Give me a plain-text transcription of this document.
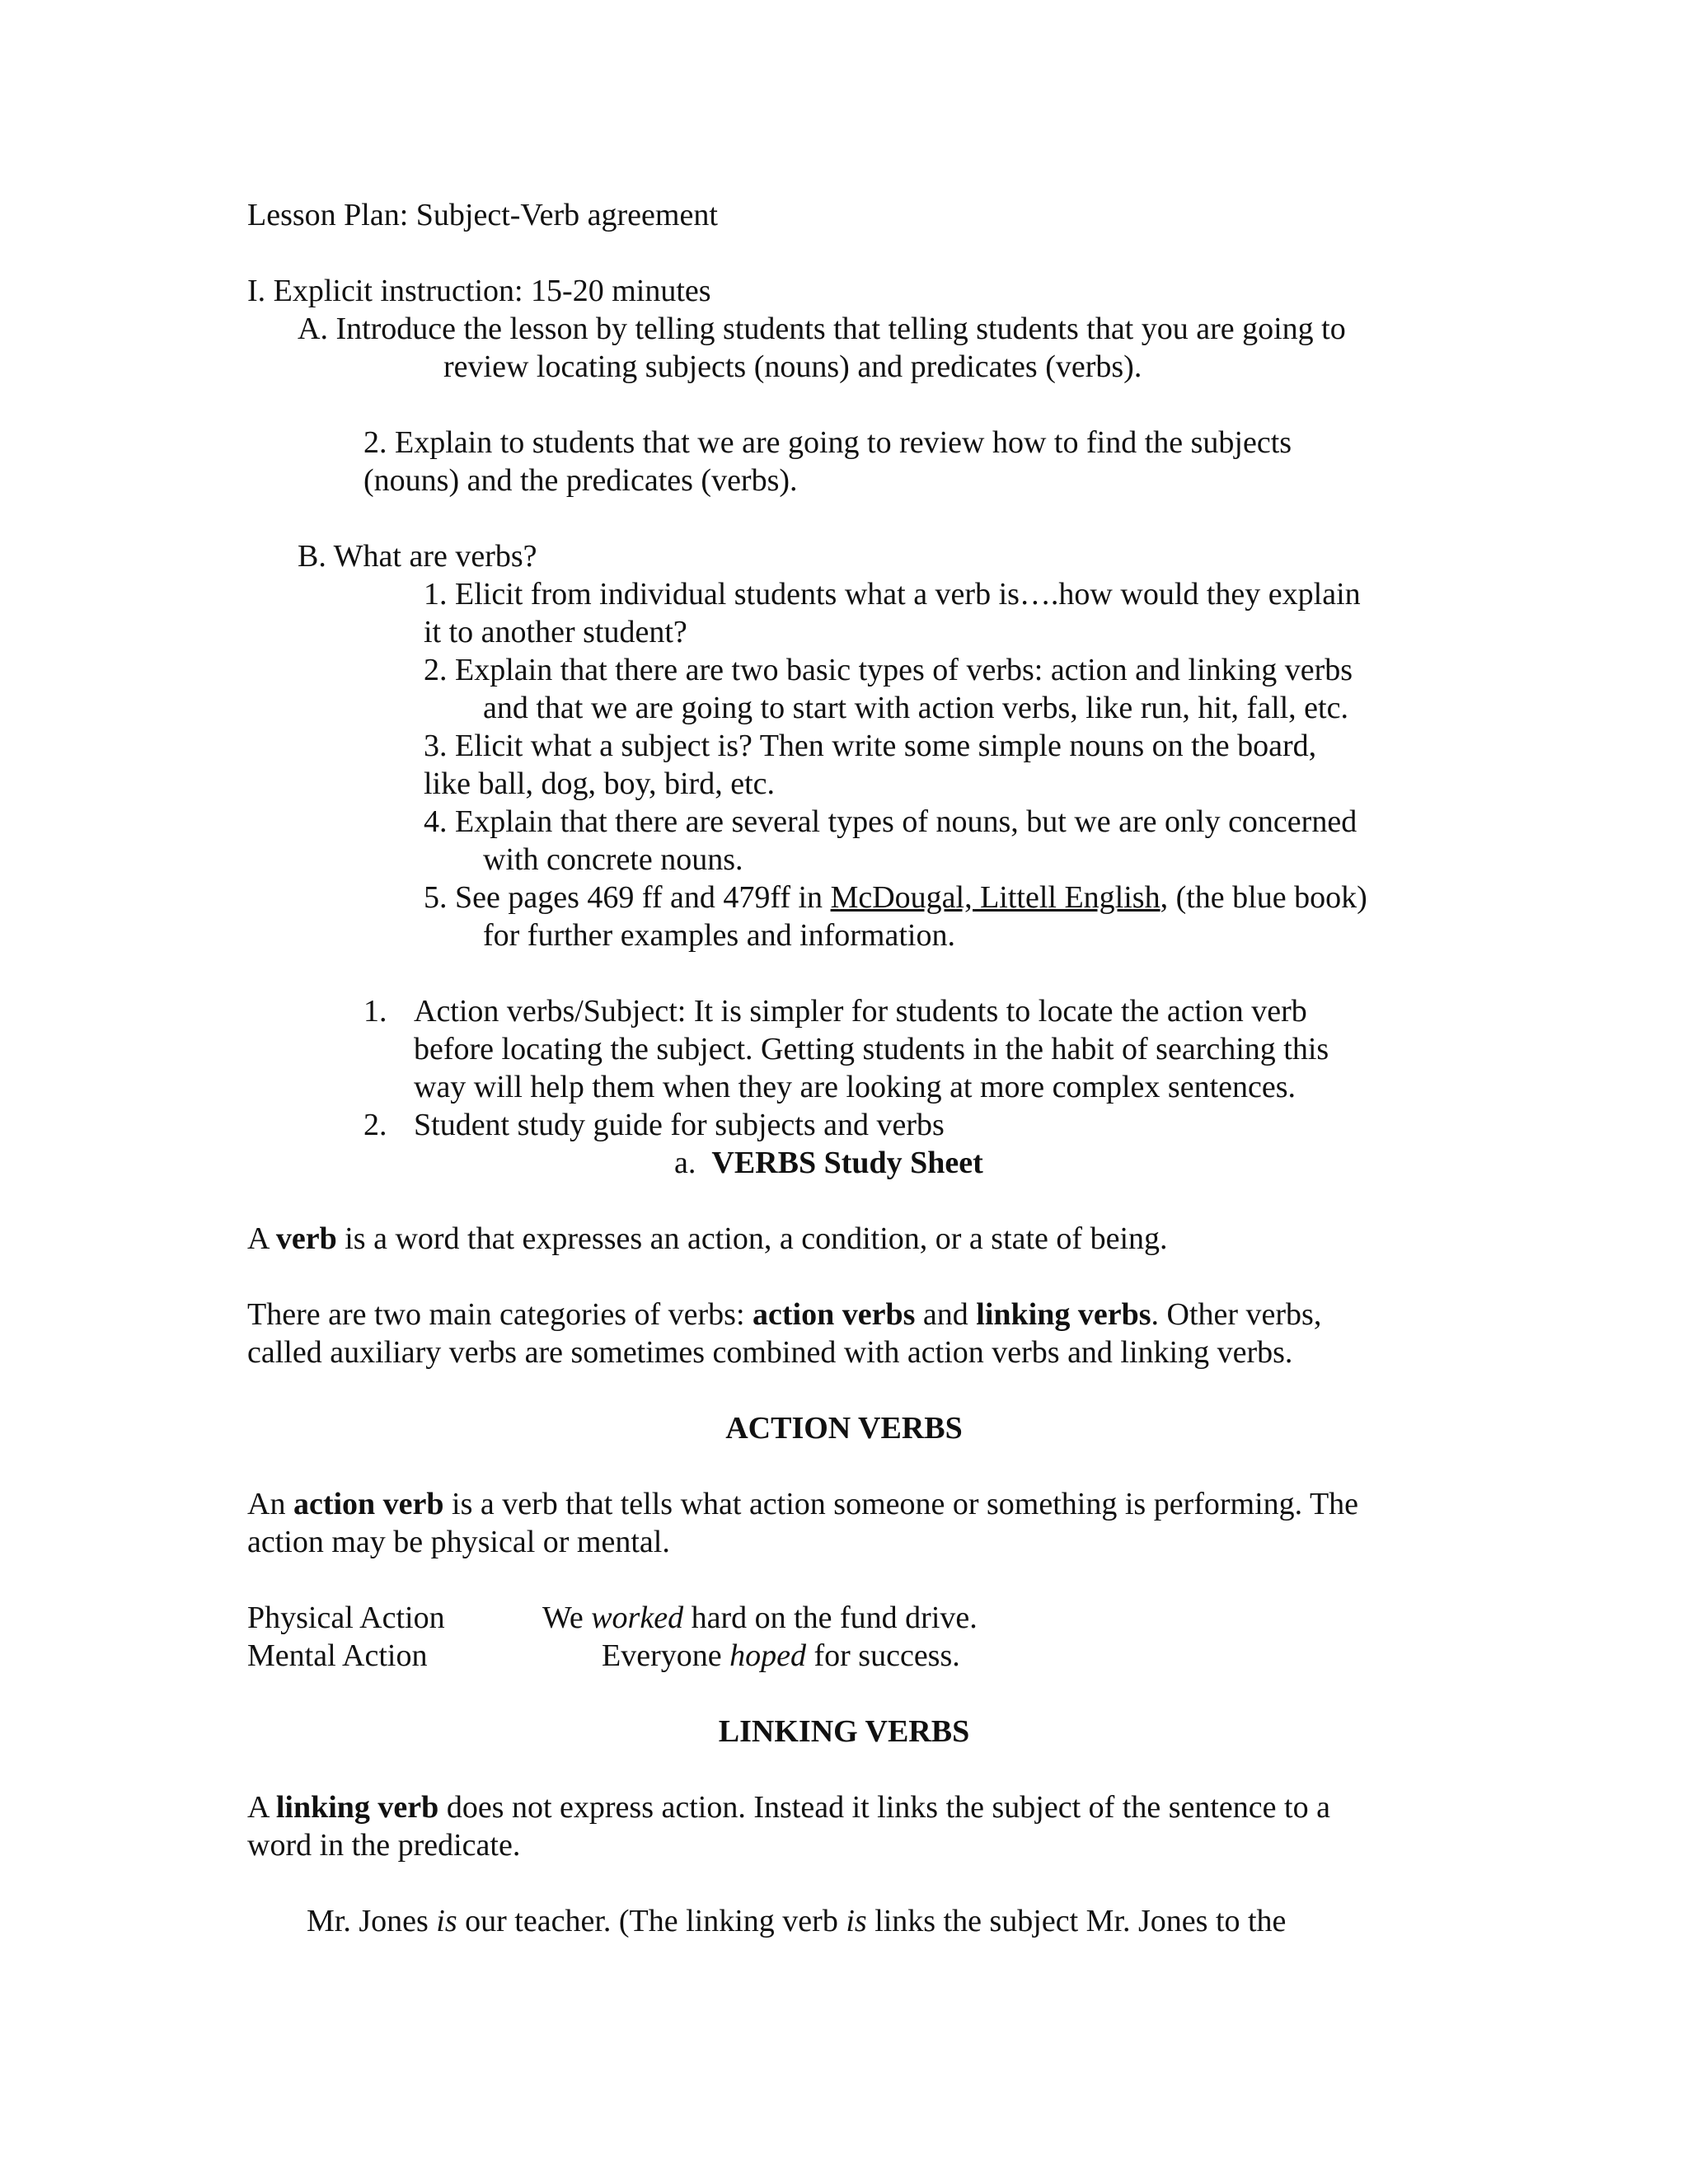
Lesson Plan: Subject-Verb agreement
I. Explicit instruction: 15-20 minutes
A. Introduce the lesson by telling students that telling students that you are going to
review locating subjects (nouns) and predicates (verbs).
2. Explain to students that we are going to review how to find the subjects
(nouns) and the predicates (verbs).
B. What are verbs?
1. Elicit from individual students what a verb is….how would they explain
it to another student?
2. Explain that there are two basic types of verbs: action and linking verbs
and that we are going to start with action verbs, like run, hit, fall, etc.
3. Elicit what a subject is? Then write some simple nouns on the board,
like ball, dog, boy, bird, etc.
4. Explain that there are several types of nouns, but we are only concerned
with concrete nouns.
5. See pages 469 ff and 479ff in McDougal, Littell English, (the blue book)
for further examples and information.
1. Action verbs/Subject: It is simpler for students to locate the action verb
before locating the subject. Getting students in the habit of searching this
way will help them when they are looking at more complex sentences.
2. Student study guide for subjects and verbs
a. VERBS Study Sheet
A verb is a word that expresses an action, a condition, or a state of being.
There are two main categories of verbs: action verbs and linking verbs. Other verbs,
called auxiliary verbs are sometimes combined with action verbs and linking verbs.
ACTION VERBS
An action verb is a verb that tells what action someone or something is performing. The
action may be physical or mental.
Physical Action	We worked hard on the fund drive.
Mental Action	Everyone hoped for success.
LINKING VERBS
A linking verb does not express action. Instead it links the subject of the sentence to a
word in the predicate.
Mr. Jones is our teacher. (The linking verb is links the subject Mr. Jones to the
